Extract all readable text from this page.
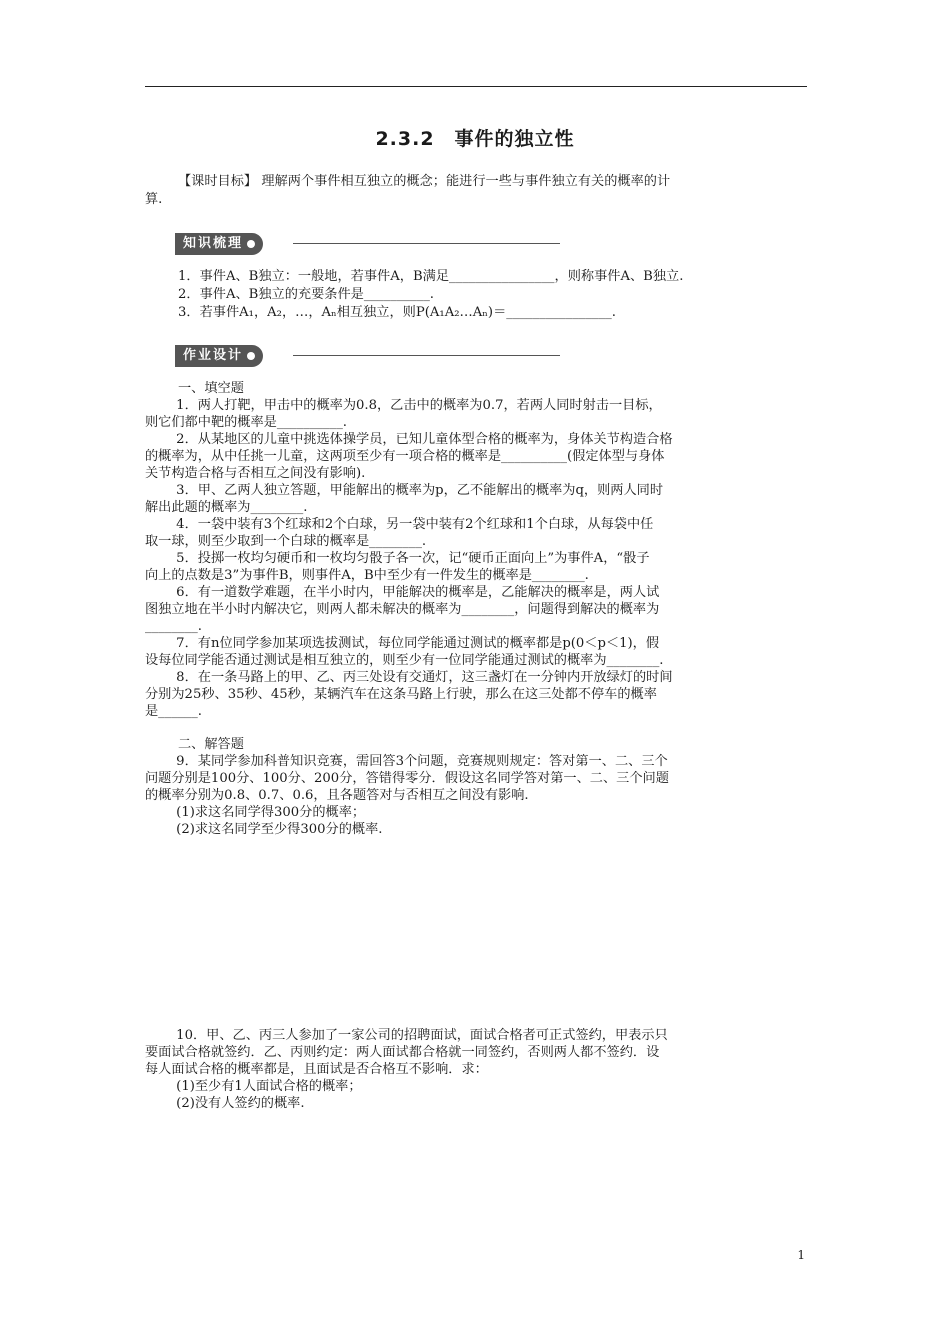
2.3.2　事件的独立性
【课时目标】 理解两个事件相互独立的概念；能进行一些与事件独立有关的概率的计
算.
知识梳理
1．事件A、B独立：一般地，若事件A，B满足________________，则称事件A、B独立.
2．事件A、B独立的充要条件是__________.
3．若事件A₁，A₂，…，Aₙ相互独立，则P(A₁A₂…Aₙ)＝________________.
作业设计
一、填空题
　1．两人打靶，甲击中的概率为0.8，乙击中的概率为0.7，若两人同时射击一目标，
则它们都中靶的概率是__________.
　2．从某地区的儿童中挑选体操学员，已知儿童体型合格的概率为，身体关节构造合格
的概率为，从中任挑一儿童，这两项至少有一项合格的概率是__________(假定体型与身体
关节构造合格与否相互之间没有影响).
　3．甲、乙两人独立答题，甲能解出的概率为p，乙不能解出的概率为q，则两人同时
解出此题的概率为________.
　4．一袋中装有3个红球和2个白球，另一袋中装有2个红球和1个白球，从每袋中任
取一球，则至少取到一个白球的概率是________.
　5．投掷一枚均匀硬币和一枚均匀骰子各一次，记“硬币正面向上”为事件A，“骰子
向上的点数是3”为事件B，则事件A，B中至少有一件发生的概率是________.
　6．有一道数学难题，在半小时内，甲能解决的概率是，乙能解决的概率是，两人试
图独立地在半小时内解决它，则两人都未解决的概率为________，问题得到解决的概率为
________.
　7．有n位同学参加某项选拔测试，每位同学能通过测试的概率都是p(0＜p＜1)，假
设每位同学能否通过测试是相互独立的，则至少有一位同学能通过测试的概率为________.
　8．在一条马路上的甲、乙、丙三处设有交通灯，这三盏灯在一分钟内开放绿灯的时间
分别为25秒、35秒、45秒，某辆汽车在这条马路上行驶，那么在这三处都不停车的概率
是______.
二、解答题
　9．某同学参加科普知识竞赛，需回答3个问题，竞赛规则规定：答对第一、二、三个
问题分别是100分、100分、200分，答错得零分．假设这名同学答对第一、二、三个问题
的概率分别为0.8、0.7、0.6，且各题答对与否相互之间没有影响.
　(1)求这名同学得300分的概率；
　(2)求这名同学至少得300分的概率.
　10．甲、乙、丙三人参加了一家公司的招聘面试，面试合格者可正式签约，甲表示只
要面试合格就签约．乙、丙则约定：两人面试都合格就一同签约，否则两人都不签约．设
每人面试合格的概率都是，且面试是否合格互不影响．求：
　(1)至少有1人面试合格的概率；
　(2)没有人签约的概率.
1
